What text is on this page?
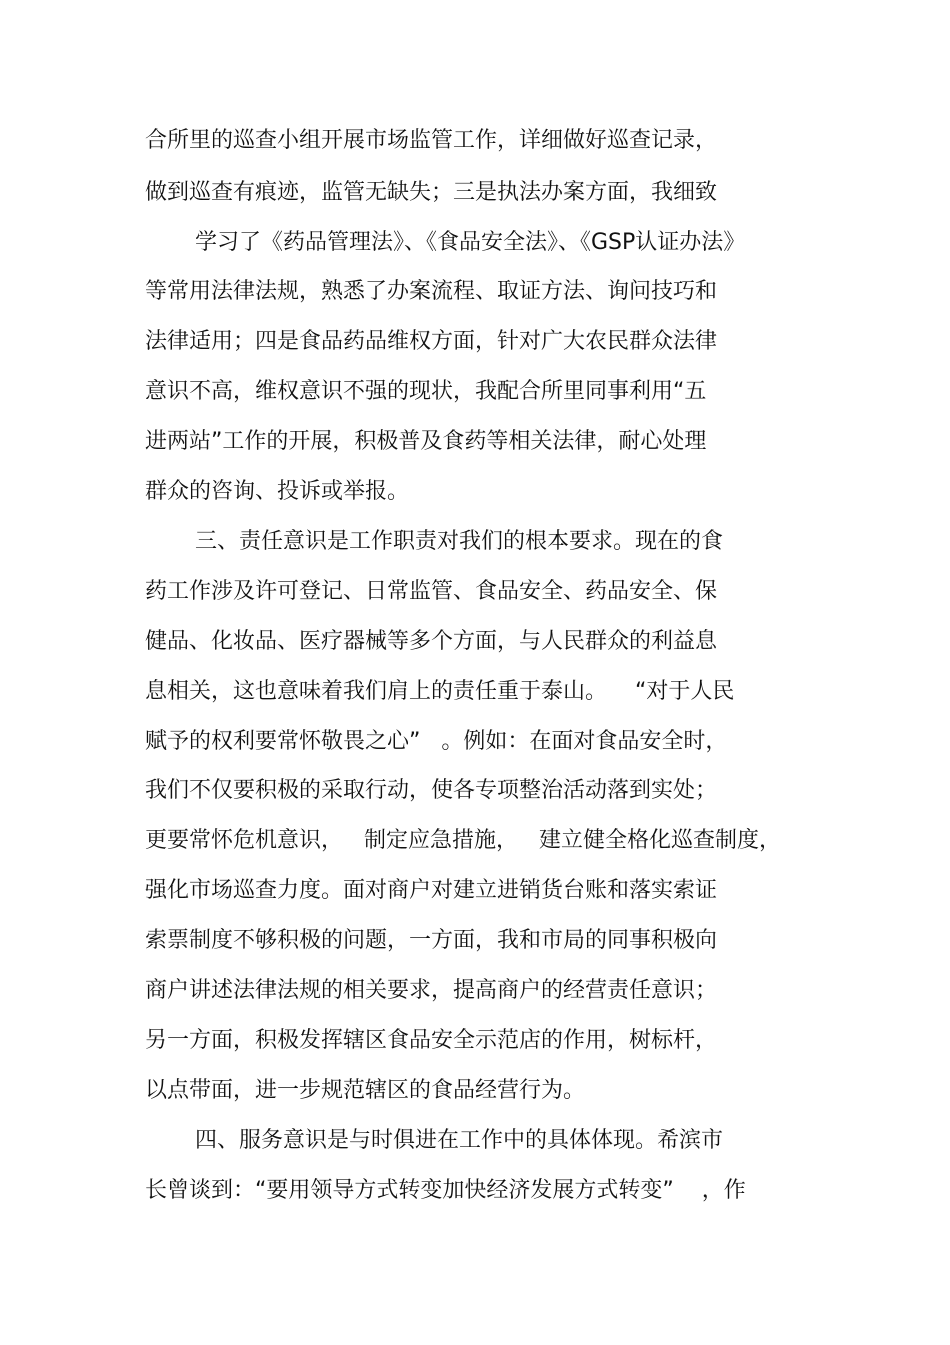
合所里的巡查小组开展市场监管工作，详细做好巡查记录，
做到巡查有痕迹，监管无缺失；三是执法办案方面，我细致
学习了《药品管理法》、《食品安全法》、《GSP认证办法》
等常用法律法规，熟悉了办案流程、取证方法、询问技巧和
法律适用；四是食品药品维权方面，针对广大农民群众法律
意识不高，维权意识不强的现状，我配合所里同事利用“五
进两站”工作的开展，积极普及食药等相关法律，耐心处理
群众的咨询、投诉或举报。
三、责任意识是工作职责对我们的根本要求。现在的食
药工作涉及许可登记、日常监管、食品安全、药品安全、保
健品、化妆品、医疗器械等多个方面，与人民群众的利益息
息相关，这也意味着我们肩上的责任重于泰山。    “对于人民
赋予的权利要常怀敬畏之心”   。例如：在面对食品安全时，
我们不仅要积极的采取行动，使各专项整治活动落到实处；
更要常怀危机意识，   制定应急措施，   建立健全格化巡查制度，
强化市场巡查力度。面对商户对建立进销货台账和落实索证
索票制度不够积极的问题，一方面，我和市局的同事积极向
商户讲述法律法规的相关要求，提高商户的经营责任意识；
另一方面，积极发挥辖区食品安全示范店的作用，树标杆，
以点带面，进一步规范辖区的食品经营行为。
四、服务意识是与时俱进在工作中的具体体现。希滨市
长曾谈到：“要用领导方式转变加快经济发展方式转变”    ，作
